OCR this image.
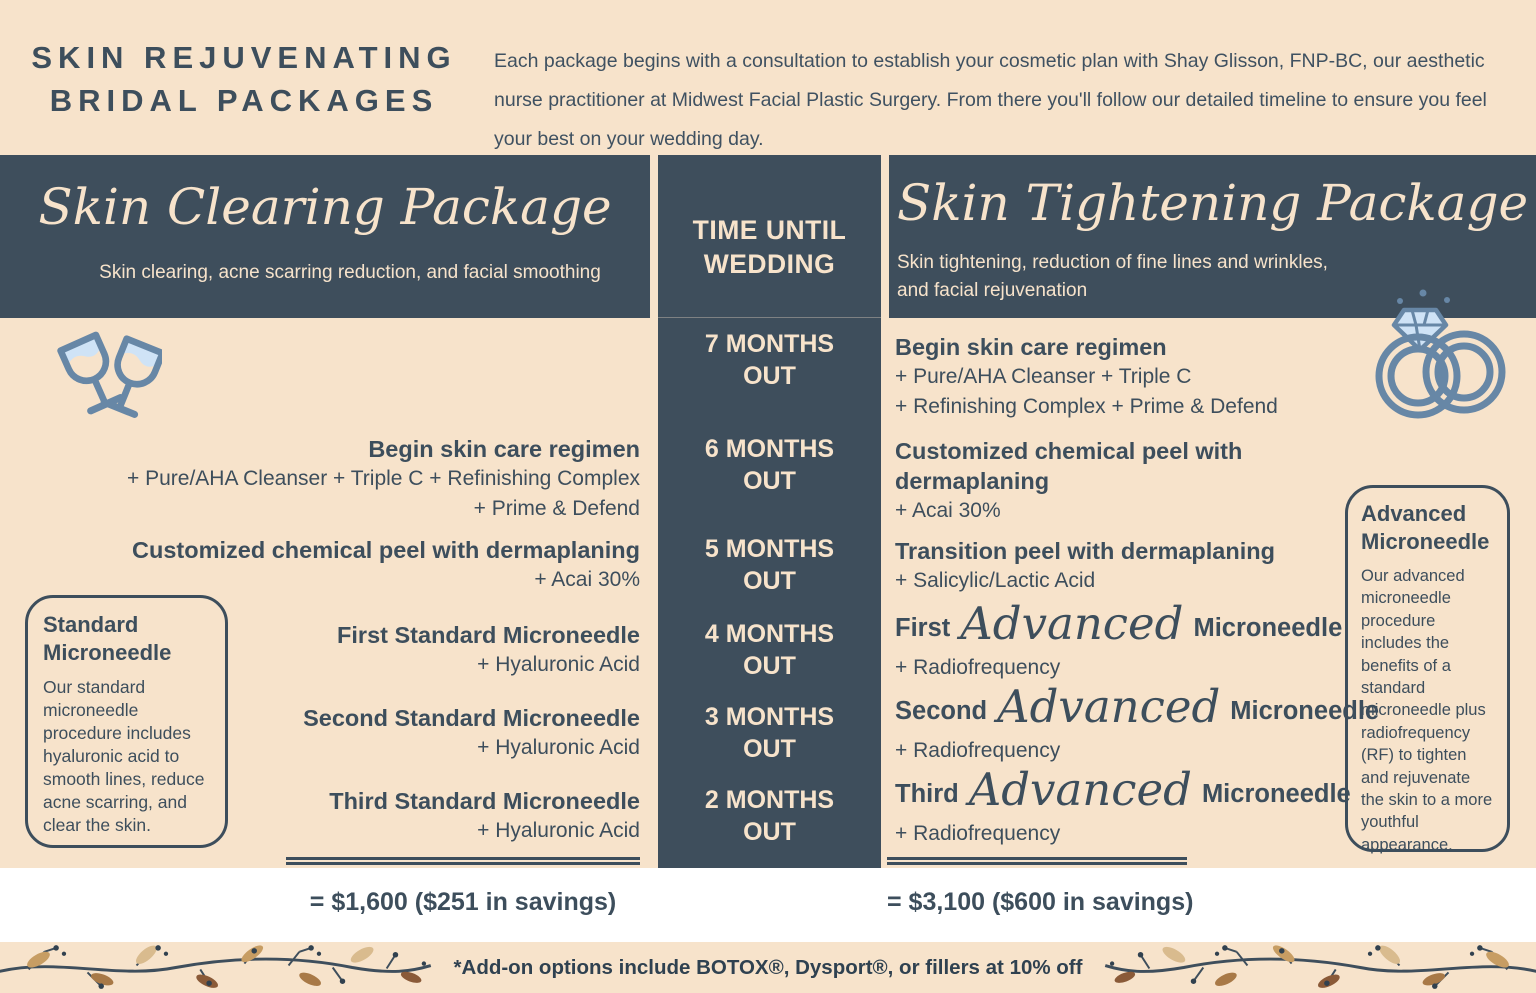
SKIN REJUVENATING
BRIDAL PACKAGES

Each package begins with a consultation to establish your cosmetic plan with Shay Glisson, FNP-BC, our aesthetic nurse practitioner at Midwest Facial Plastic Surgery. From there you'll follow our detailed timeline to ensure you feel your best on your wedding day.

Skin Clearing Package
Skin clearing, acne scarring reduction, and facial smoothing
Skin Tightening Package
Skin tightening, reduction of fine lines and wrinkles,
and facial rejuvenation
TIME UNTIL WEDDING
7 MONTHS OUT
6 MONTHS OUT
5 MONTHS OUT
4 MONTHS OUT
3 MONTHS OUT
2 MONTHS OUT
Begin skin care regimen
+ Pure/AHA Cleanser + Triple C + Refinishing Complex
+ Prime & Defend
Customized chemical peel with dermaplaning
+ Acai 30%
First Standard Microneedle
+ Hyaluronic Acid
Second Standard Microneedle
+ Hyaluronic Acid
Third Standard Microneedle
+ Hyaluronic Acid
Standard Microneedle
Our standard microneedle procedure includes hyaluronic acid to smooth lines, reduce acne scarring, and clear the skin.
Begin skin care regimen
+ Pure/AHA Cleanser + Triple C
+ Refinishing Complex + Prime & Defend
Customized chemical peel with dermaplaning
+ Acai 30%
Transition peel with dermaplaning
+ Salicylic/Lactic Acid
First Advanced Microneedle
+ Radiofrequency
Second Advanced Microneedle
+ Radiofrequency
Third Advanced Microneedle
+ Radiofrequency
Advanced Microneedle
Our advanced microneedle procedure includes the benefits of a standard microneedle plus radiofrequency (RF) to tighten and rejuvenate the skin to a more youthful appearance.
= $1,600 ($251 in savings)	= $3,100 ($600 in savings)
*Add-on options include BOTOX®, Dysport®, or fillers at 10% off
